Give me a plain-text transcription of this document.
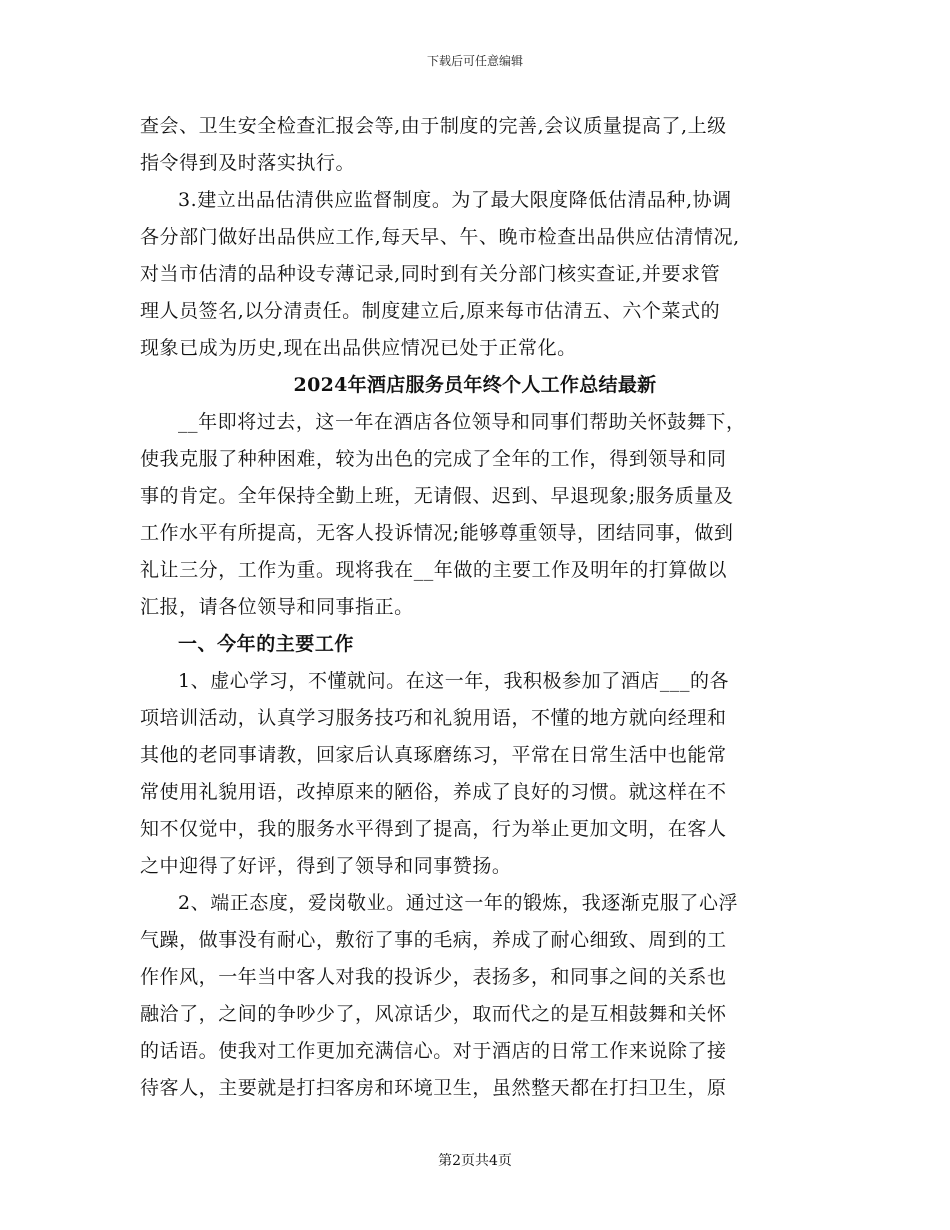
下载后可任意编辑
查会、卫生安全检查汇报会等,由于制度的完善,会议质量提高了,上级
指令得到及时落实执行。
3.建立出品估清供应监督制度。为了最大限度降低估清品种,协调
各分部门做好出品供应工作,每天早、午、晚市检查出品供应估清情况,
对当市估清的品种设专薄记录,同时到有关分部门核实查证,并要求管
理人员签名,以分清责任。制度建立后,原来每市估清五、六个菜式的
现象已成为历史,现在出品供应情况已处于正常化。
2024年酒店服务员年终个人工作总结最新
__年即将过去，这一年在酒店各位领导和同事们帮助关怀鼓舞下，
使我克服了种种困难，较为出色的完成了全年的工作，得到领导和同
事的肯定。全年保持全勤上班，无请假、迟到、早退现象;服务质量及
工作水平有所提高，无客人投诉情况;能够尊重领导，团结同事，做到
礼让三分，工作为重。现将我在__年做的主要工作及明年的打算做以
汇报，请各位领导和同事指正。
一、今年的主要工作
1、虚心学习，不懂就问。在这一年，我积极参加了酒店___的各
项培训活动，认真学习服务技巧和礼貌用语，不懂的地方就向经理和
其他的老同事请教，回家后认真琢磨练习，平常在日常生活中也能常
常使用礼貌用语，改掉原来的陋俗，养成了良好的习惯。就这样在不
知不仅觉中，我的服务水平得到了提高，行为举止更加文明，在客人
之中迎得了好评，得到了领导和同事赞扬。
2、端正态度，爱岗敬业。通过这一年的锻炼，我逐渐克服了心浮
气躁，做事没有耐心，敷衍了事的毛病，养成了耐心细致、周到的工
作作风，一年当中客人对我的投诉少，表扬多，和同事之间的关系也
融洽了，之间的争吵少了，风凉话少，取而代之的是互相鼓舞和关怀
的话语。使我对工作更加充满信心。对于酒店的日常工作来说除了接
待客人，主要就是打扫客房和环境卫生，虽然整天都在打扫卫生，原
第2页共4页
